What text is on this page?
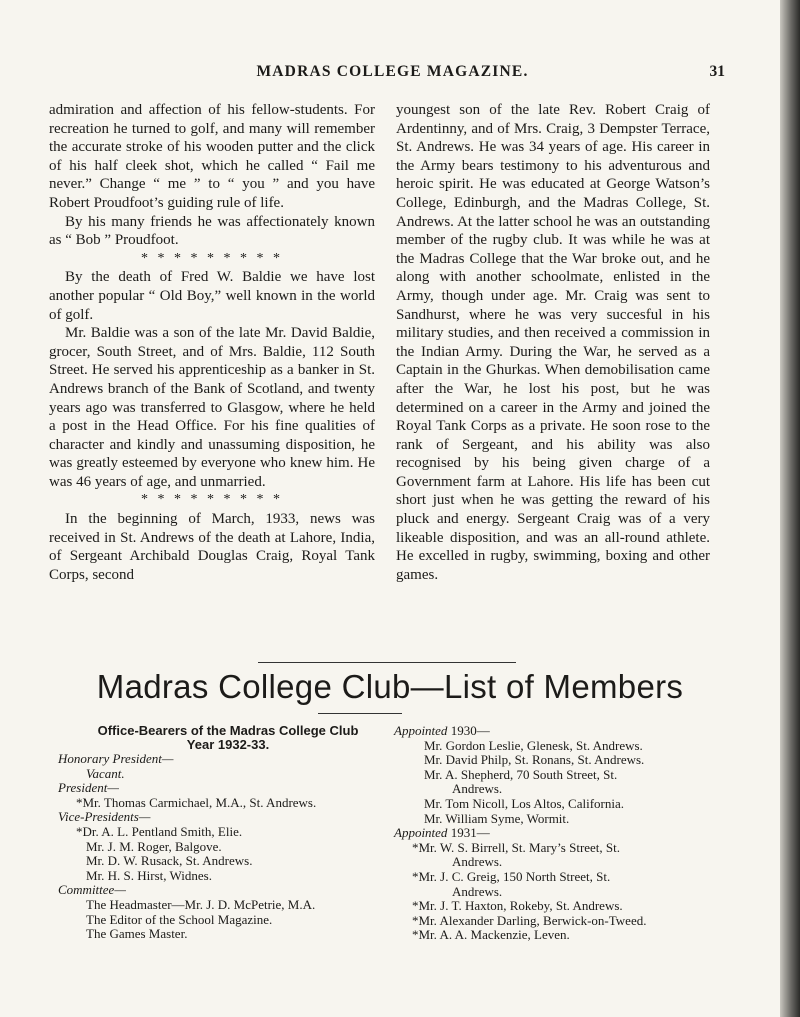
MADRAS COLLEGE MAGAZINE.	31

admiration and affection of his fellow-students. For recreation he turned to golf, and many will remember the accurate stroke of his wooden putter and the click of his half cleek shot, which he called “ Fail me never.” Change “ me ” to “ you ” and you have Robert Proudfoot’s guiding rule of life.

By his many friends he was affectionately known as “ Bob ” Proudfoot.

* * * * * * * * *

By the death of Fred W. Baldie we have lost another popular “ Old Boy,” well known in the world of golf.

Mr. Baldie was a son of the late Mr. David Baldie, grocer, South Street, and of Mrs. Baldie, 112 South Street. He served his apprenticeship as a banker in St. Andrews branch of the Bank of Scotland, and twenty years ago was transferred to Glasgow, where he held a post in the Head Office. For his fine qualities of character and kindly and unassuming disposition, he was greatly esteemed by everyone who knew him. He was 46 years of age, and unmarried.

* * * * * * * * *

In the beginning of March, 1933, news was received in St. Andrews of the death at Lahore, India, of Sergeant Archibald Douglas Craig, Royal Tank Corps, second

youngest son of the late Rev. Robert Craig of Ardentinny, and of Mrs. Craig, 3 Dempster Terrace, St. Andrews. He was 34 years of age. His career in the Army bears testimony to his adventurous and heroic spirit. He was educated at George Watson’s College, Edinburgh, and the Madras College, St. Andrews. At the latter school he was an outstanding member of the rugby club. It was while he was at the Madras College that the War broke out, and he along with another schoolmate, enlisted in the Army, though under age. Mr. Craig was sent to Sandhurst, where he was very succesful in his military studies, and then received a commission in the Indian Army. During the War, he served as a Captain in the Ghurkas. When demobilisation came after the War, he lost his post, but he was determined on a career in the Army and joined the Royal Tank Corps as a private. He soon rose to the rank of Sergeant, and his ability was also recognised by his being given charge of a Government farm at Lahore. His life has been cut short just when he was getting the reward of his pluck and energy. Sergeant Craig was of a very likeable disposition, and was an all-round athlete. He excelled in rugby, swimming, boxing and other games.

Madras College Club—List of Members
Office-Bearers of the Madras College Club
Year 1932-33.
Honorary President—
Vacant.
President—
*Mr. Thomas Carmichael, M.A., St. Andrews.
Vice-Presidents—
*Dr. A. L. Pentland Smith, Elie.
Mr. J. M. Roger, Balgove.
Mr. D. W. Rusack, St. Andrews.
Mr. H. S. Hirst, Widnes.
Committee—
The Headmaster—Mr. J. D. McPetrie, M.A.
The Editor of the School Magazine.
The Games Master.
Appointed 1930—
Mr. Gordon Leslie, Glenesk, St. Andrews.
Mr. David Philp, St. Ronans, St. Andrews.
Mr. A. Shepherd, 70 South Street, St.
Andrews.
Mr. Tom Nicoll, Los Altos, California.
Mr. William Syme, Wormit.
Appointed 1931—
*Mr. W. S. Birrell, St. Mary’s Street, St.
Andrews.
*Mr. J. C. Greig, 150 North Street, St.
Andrews.
*Mr. J. T. Haxton, Rokeby, St. Andrews.
*Mr. Alexander Darling, Berwick-on-Tweed.
*Mr. A. A. Mackenzie, Leven.
